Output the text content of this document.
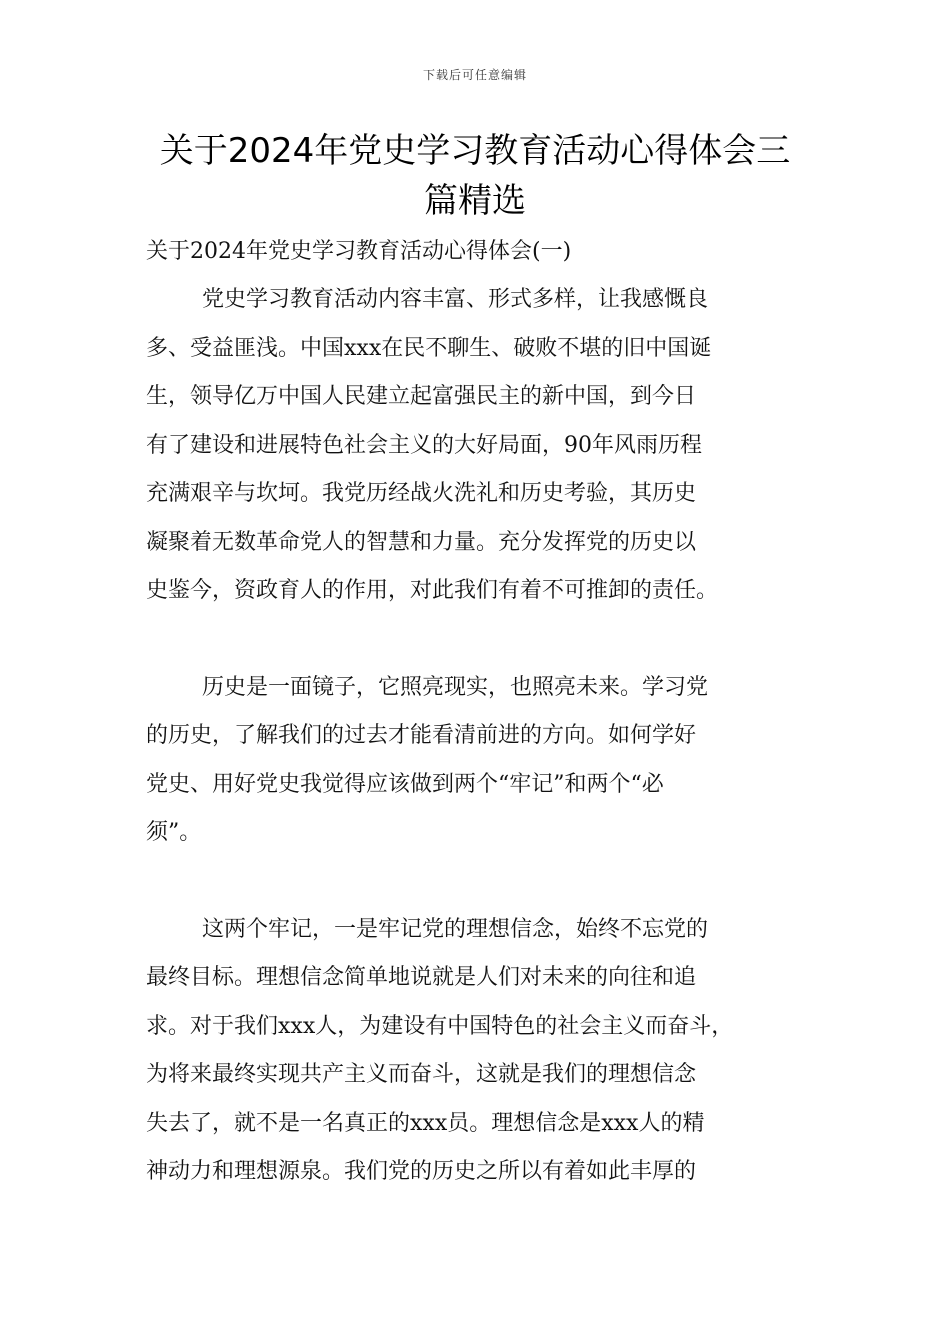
下载后可任意编辑
关于2024年党史学习教育活动心得体会三
篇精选

关于2024年党史学习教育活动心得体会(一)

党史学习教育活动内容丰富、形式多样，让我感慨良
多、受益匪浅。中国xxx在民不聊生、破败不堪的旧中国诞
生，领导亿万中国人民建立起富强民主的新中国，到今日
有了建设和进展特色社会主义的大好局面，90年风雨历程
充满艰辛与坎坷。我党历经战火洗礼和历史考验，其历史
凝聚着无数革命党人的智慧和力量。充分发挥党的历史以
史鉴今，资政育人的作用，对此我们有着不可推卸的责任。

历史是一面镜子，它照亮现实，也照亮未来。学习党
的历史，了解我们的过去才能看清前进的方向。如何学好
党史、用好党史我觉得应该做到两个“牢记”和两个“必
须”。

这两个牢记，一是牢记党的理想信念，始终不忘党的
最终目标。理想信念简单地说就是人们对未来的向往和追
求。对于我们xxx人，为建设有中国特色的社会主义而奋斗，
为将来最终实现共产主义而奋斗，这就是我们的理想信念
失去了，就不是一名真正的xxx员。理想信念是xxx人的精
神动力和理想源泉。我们党的历史之所以有着如此丰厚的
